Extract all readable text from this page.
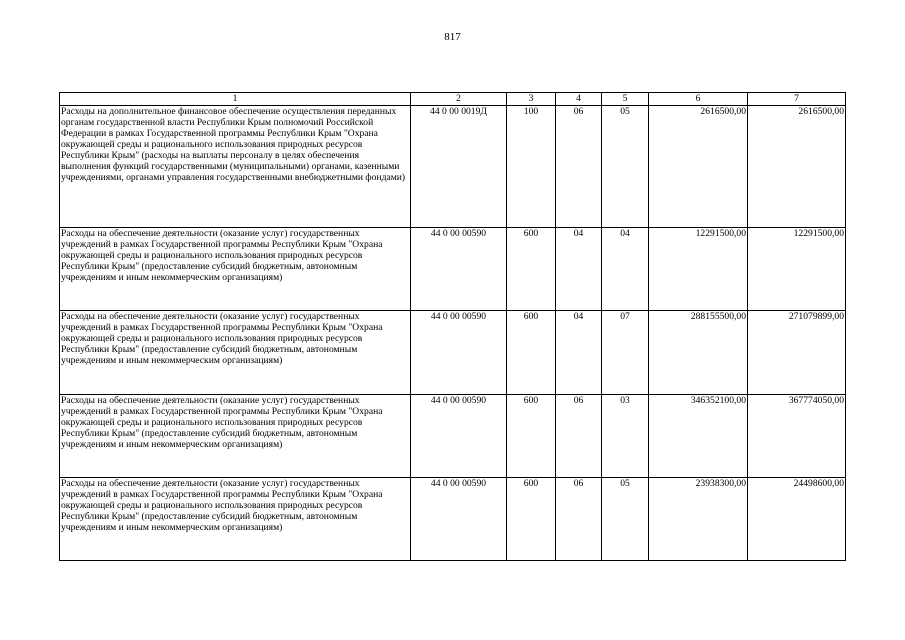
817
1	2	3	4	5	6	7
Расходы на дополнительное финансовое обеспечение осуществления переданных органам государственной власти Республики Крым полномочий Российской Федерации в рамках Государственной программы Республики Крым "Охрана окружающей среды и рационального использования природных ресурсов Республики Крым" (расходы на выплаты персоналу в целях обеспечения выполнения функций государственными (муниципальными) органами, казенными учреждениями, органами управления государственными внебюджетными фондами)	44 0 00 0019Д	100	06	05	2616500,00	2616500,00
Расходы на обеспечение деятельности (оказание услуг) государственных учреждений в рамках Государственной программы Республики Крым "Охрана окружающей среды и рационального использования природных ресурсов Республики Крым" (предоставление субсидий бюджетным, автономным учреждениям и иным некоммерческим организациям)	44 0 00 00590	600	04	04	12291500,00	12291500,00
Расходы на обеспечение деятельности (оказание услуг) государственных учреждений в рамках Государственной программы Республики Крым "Охрана окружающей среды и рационального использования природных ресурсов Республики Крым" (предоставление субсидий бюджетным, автономным учреждениям и иным некоммерческим организациям)	44 0 00 00590	600	04	07	288155500,00	271079899,00
Расходы на обеспечение деятельности (оказание услуг) государственных учреждений в рамках Государственной программы Республики Крым "Охрана окружающей среды и рационального использования природных ресурсов Республики Крым" (предоставление субсидий бюджетным, автономным учреждениям и иным некоммерческим организациям)	44 0 00 00590	600	06	03	346352100,00	367774050,00
Расходы на обеспечение деятельности (оказание услуг) государственных учреждений в рамках Государственной программы Республики Крым "Охрана окружающей среды и рационального использования природных ресурсов Республики Крым" (предоставление субсидий бюджетным, автономным учреждениям и иным некоммерческим организациям)	44 0 00 00590	600	06	05	23938300,00	24498600,00
